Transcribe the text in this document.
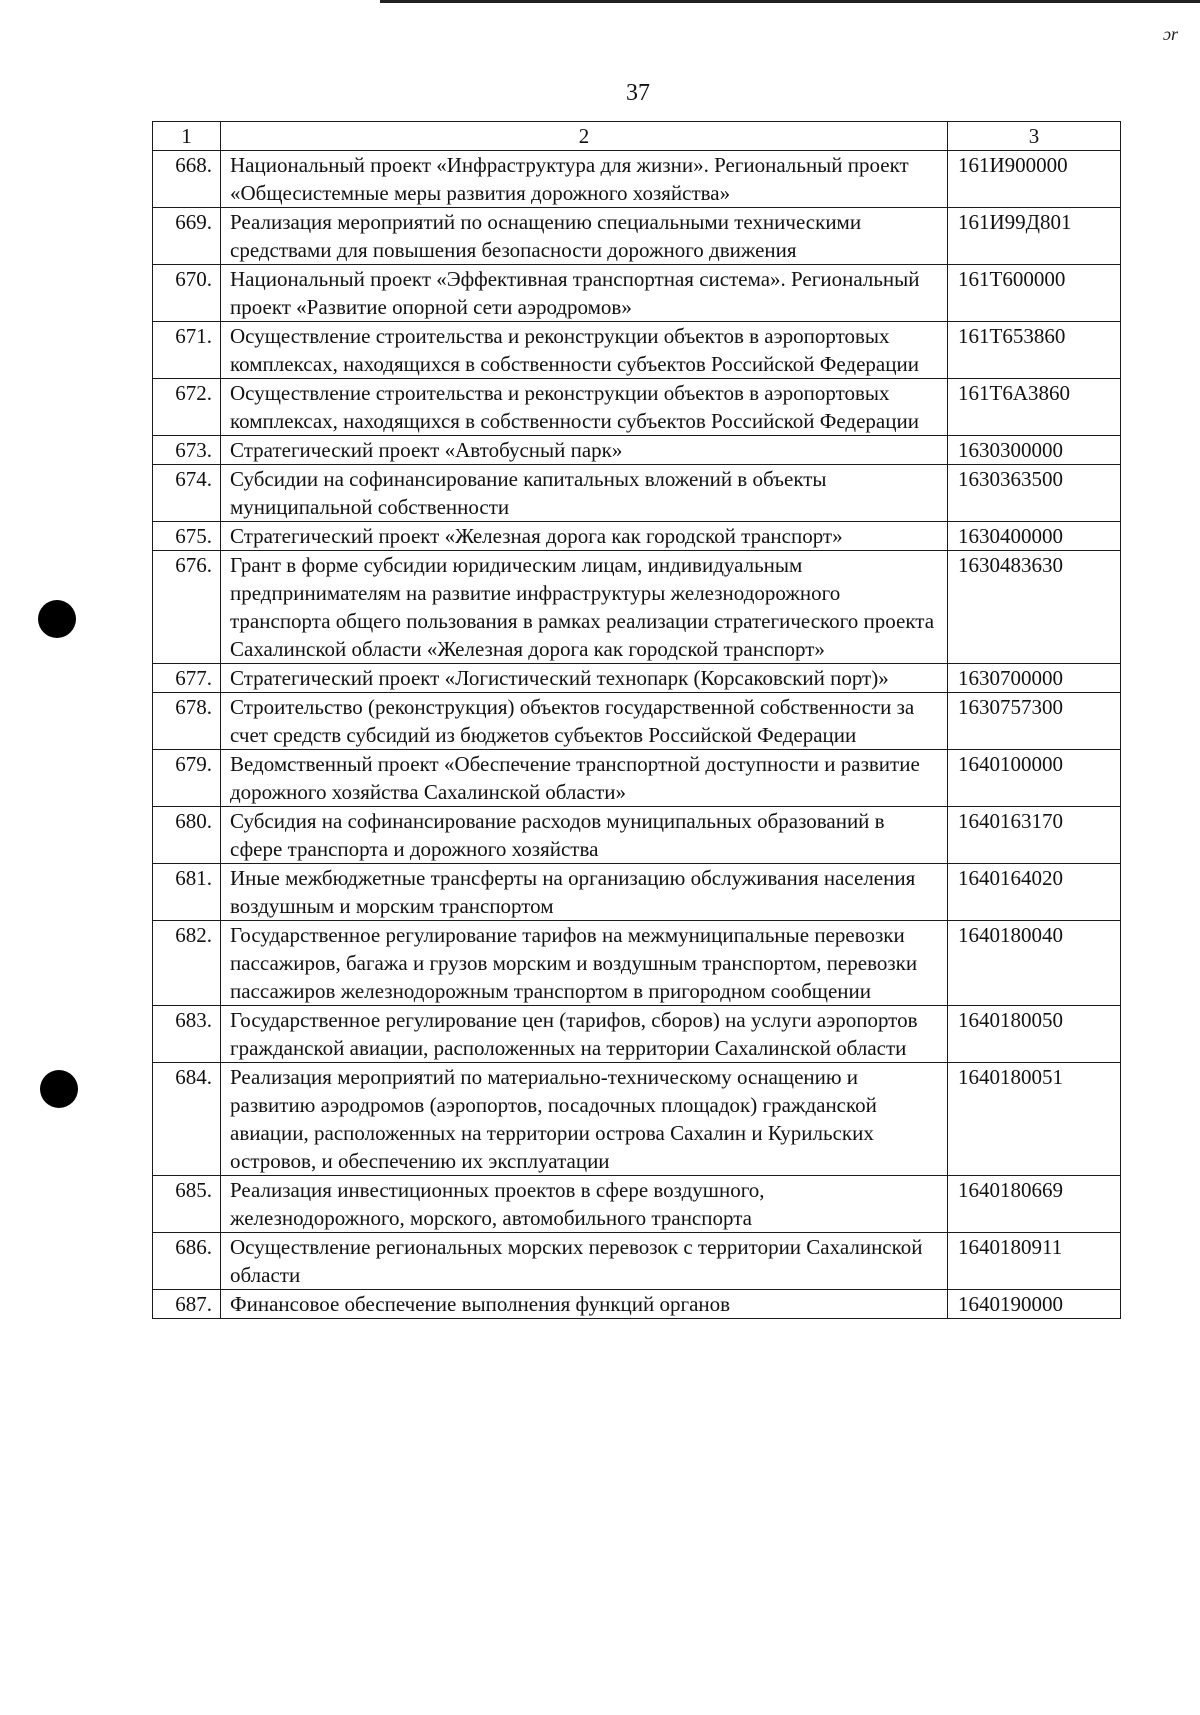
ɔr
37
1	2	3
668.	Национальный проект «Инфраструктура для жизни». Региональный проект «Общесистемные меры развития дорожного хозяйства»	161И900000
669.	Реализация мероприятий по оснащению специальными техническими средствами для повышения безопасности дорожного движения	161И99Д801
670.	Национальный проект «Эффективная транспортная система». Региональный проект «Развитие опорной сети аэродромов»	161Т600000
671.	Осуществление строительства и реконструкции объектов в аэропортовых комплексах, находящихся в собственности субъектов Российской Федерации	161Т653860
672.	Осуществление строительства и реконструкции объектов в аэропортовых комплексах, находящихся в собственности субъектов Российской Федерации	161Т6А3860
673.	Стратегический проект «Автобусный парк»	1630300000
674.	Субсидии на софинансирование капитальных вложений в объекты муниципальной собственности	1630363500
675.	Стратегический проект «Железная дорога как городской транспорт»	1630400000
676.	Грант в форме субсидии юридическим лицам, индивидуальным предпринимателям на развитие инфраструктуры железнодорожного транспорта общего пользования в рамках реализации стратегического проекта Сахалинской области «Железная дорога как городской транспорт»	1630483630
677.	Стратегический проект «Логистический технопарк (Корсаковский порт)»	1630700000
678.	Строительство (реконструкция) объектов государственной собственности за счет средств субсидий из бюджетов субъектов Российской Федерации	1630757300
679.	Ведомственный проект «Обеспечение транспортной доступности и развитие дорожного хозяйства Сахалинской области»	1640100000
680.	Субсидия на софинансирование расходов муниципальных образований в сфере транспорта и дорожного хозяйства	1640163170
681.	Иные межбюджетные трансферты на организацию обслуживания населения воздушным и морским транспортом	1640164020
682.	Государственное регулирование тарифов на межмуниципальные перевозки пассажиров, багажа и грузов морским и воздушным транспортом, перевозки пассажиров железнодорожным транспортом в пригородном сообщении	1640180040
683.	Государственное регулирование цен (тарифов, сборов) на услуги аэропортов гражданской авиации, расположенных на территории Сахалинской области	1640180050
684.	Реализация мероприятий по материально-техническому оснащению и развитию аэродромов (аэропортов, посадочных площадок) гражданской авиации, расположенных на территории острова Сахалин и Курильских островов, и обеспечению их эксплуатации	1640180051
685.	Реализация инвестиционных проектов в сфере воздушного, железнодорожного, морского, автомобильного транспорта	1640180669
686.	Осуществление региональных морских перевозок с территории Сахалинской области	1640180911
687.	Финансовое обеспечение выполнения функций органов	1640190000
